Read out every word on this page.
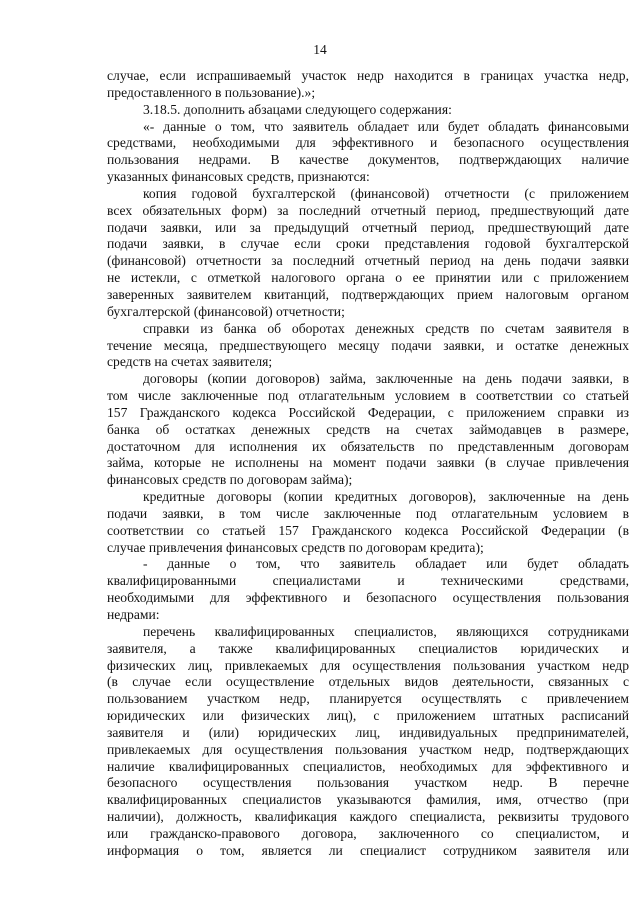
14
случае, если испрашиваемый участок недр находится в границах участка недр,
предоставленного в пользование).»;
3.18.5. дополнить абзацами следующего содержания:
«- данные о том, что заявитель обладает или будет обладать финансовыми
средствами, необходимыми для эффективного и безопасного осуществления
пользования недрами. В качестве документов, подтверждающих наличие
указанных финансовых средств, признаются:
копия годовой бухгалтерской (финансовой) отчетности (с приложением
всех обязательных форм) за последний отчетный период, предшествующий дате
подачи заявки, или за предыдущий отчетный период, предшествующий дате
подачи заявки, в случае если сроки представления годовой бухгалтерской
(финансовой) отчетности за последний отчетный период на день подачи заявки
не истекли, с отметкой налогового органа о ее принятии или с приложением
заверенных заявителем квитанций, подтверждающих прием налоговым органом
бухгалтерской (финансовой) отчетности;
справки из банка об оборотах денежных средств по счетам заявителя в
течение месяца, предшествующего месяцу подачи заявки, и остатке денежных
средств на счетах заявителя;
договоры (копии договоров) займа, заключенные на день подачи заявки, в
том числе заключенные под отлагательным условием в соответствии со статьей
157 Гражданского кодекса Российской Федерации, с приложением справки из
банка об остатках денежных средств на счетах займодавцев в размере,
достаточном для исполнения их обязательств по представленным договорам
займа, которые не исполнены на момент подачи заявки (в случае привлечения
финансовых средств по договорам займа);
кредитные договоры (копии кредитных договоров), заключенные на день
подачи заявки, в том числе заключенные под отлагательным условием в
соответствии со статьей 157 Гражданского кодекса Российской Федерации (в
случае привлечения финансовых средств по договорам кредита);
- данные о том, что заявитель обладает или будет обладать
квалифицированными специалистами и техническими средствами,
необходимыми для эффективного и безопасного осуществления пользования
недрами:
перечень квалифицированных специалистов, являющихся сотрудниками
заявителя, а также квалифицированных специалистов юридических и
физических лиц, привлекаемых для осуществления пользования участком недр
(в случае если осуществление отдельных видов деятельности, связанных с
пользованием участком недр, планируется осуществлять с привлечением
юридических или физических лиц), с приложением штатных расписаний
заявителя и (или) юридических лиц, индивидуальных предпринимателей,
привлекаемых для осуществления пользования участком недр, подтверждающих
наличие квалифицированных специалистов, необходимых для эффективного и
безопасного осуществления пользования участком недр. В перечне
квалифицированных специалистов указываются фамилия, имя, отчество (при
наличии), должность, квалификация каждого специалиста, реквизиты трудового
или гражданско-правового договора, заключенного со специалистом, и
информация о том, является ли специалист сотрудником заявителя или
